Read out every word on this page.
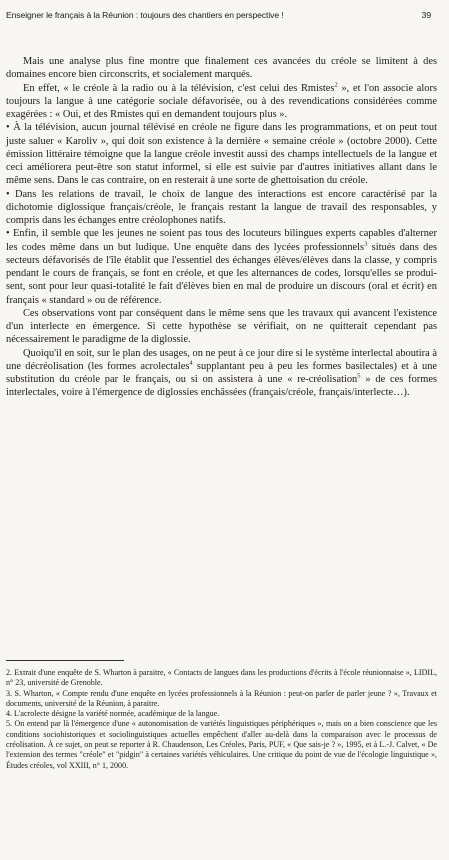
Enseigner le français à la Réunion : toujours des chantiers en perspective !	39

Mais une analyse plus fine montre que finalement ces avancées du créole se limitent à des domaines encore bien circonscrits, et socialement marqués.

En effet, « le créole à la radio ou à la télévision, c'est celui des Rmistes$^2$ », et l'on associe alors toujours la langue à une catégorie sociale défavorisée, ou à des revendications considérées comme exagérées : « Oui, et des Rmistes qui en demandent toujours plus ».

• À la télévision, aucun journal télévisé en créole ne figure dans les programmations, et on peut tout juste saluer « Karoliv », qui doit son existence à la dernière « semaine créole » (octobre 2000). Cette émission littéraire témoigne que la langue créole investit aussi des champs intellectuels de la langue et ceci améliorera peut-être son statut informel, si elle est suivie par d'autres initiatives allant dans le même sens. Dans le cas contraire, on en resterait à une sorte de ghettoisation du créole.

• Dans les relations de travail, le choix de langue des interactions est encore caractérisé par la dichotomie diglossique français/créole, le français restant la langue de travail des responsables, y compris dans les échanges entre créolophones natifs.

• Enfin, il semble que les jeunes ne soient pas tous des locuteurs bilingues experts capables d'alterner les codes même dans un but ludique. Une enquête dans des lycées professionnels$^3$ situés dans des secteurs défavorisés de l'île établit que l'essentiel des échanges élèves/élèves dans la classe, y compris pendant le cours de français, se font en créole, et que les alternances de codes, lorsqu'elles se produisent, sont pour leur quasi-totalité le fait d'élèves bien en mal de produire un discours (oral et écrit) en français « standard » ou de référence.

Ces observations vont par conséquent dans le même sens que les travaux qui avancent l'existence d'un interlecte en émergence. Si cette hypothèse se vérifiait, on ne quitterait cependant pas nécessairement le paradigme de la diglossie.

Quoiqu'il en soit, sur le plan des usages, on ne peut à ce jour dire si le système interlectal aboutira à une décréolisation (les formes acrolectales$^4$ supplantant peu à peu les formes basilectales) et à une substitution du créole par le français, ou si on assistera à une « re-créolisation$^5$ » de ces formes interlectales, voire à l'émergence de diglossies enchâssées (français/créole, français/interlecte…).

2. Extrait d'une enquête de S. Wharton à paraitre, « Contacts de langues dans les productions d'écrits à l'école réunionnaise », LIDIL, n° 23, université de Grenoble.

3. S. Wharton, « Compte rendu d'une enquête en lycées professionnels à la Réunion : peut-on parler de parler jeune ? », Travaux et documents, université de la Réunion, à paraitre.

4. L'acrolecte désigne la variété normée, académique de la langue.

5. On entend par là l'émergence d'une « autonomisation de variétés linguistiques périphériques », mais on a bien conscience que les conditions sociohistoriques et sociolinguistiques actuelles empêchent d'aller au-delà dans la comparaison avec le processus de créolisation. À ce sujet, on peut se reporter à R. Chaudenson, Les Créoles, Paris, PUF, « Que sais-je ? », 1995, et à L.-J. Calvet, « De l'extension des termes "créole" et "pidgin" à certaines variétés véhiculaires. Une critique du point de vue de l'écologie linguistique », Études créoles, vol XXIII, n° 1, 2000.
